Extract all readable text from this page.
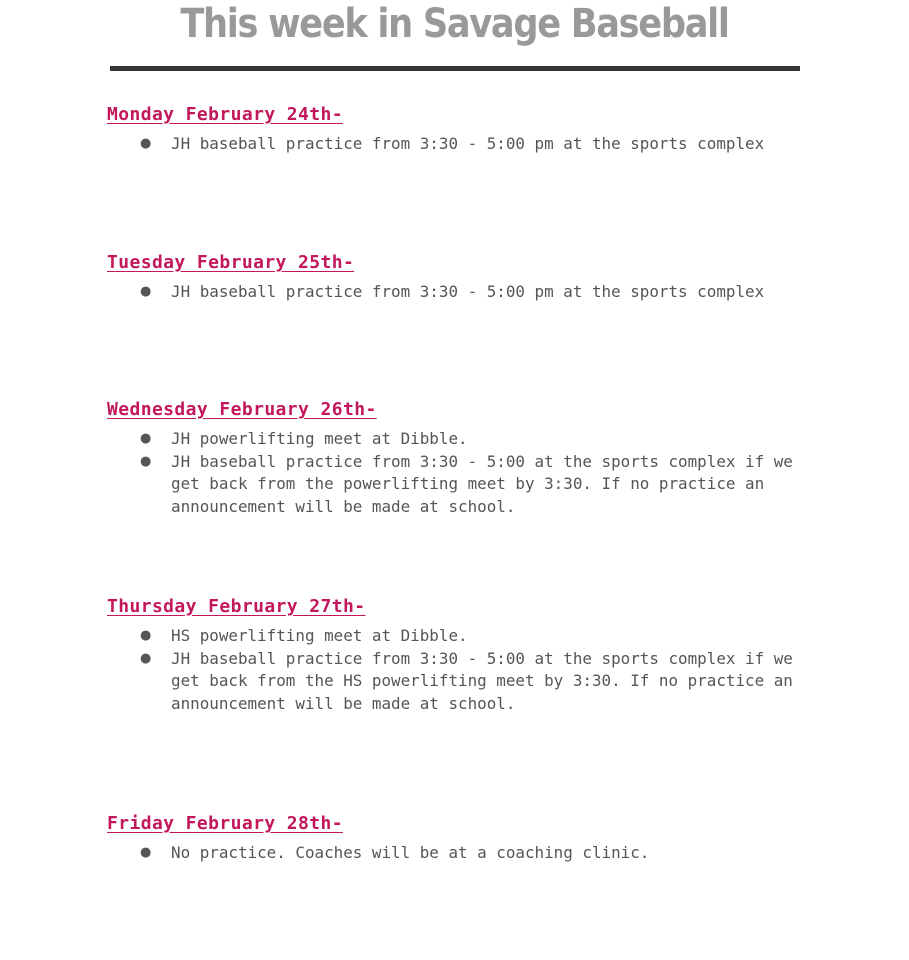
This week in Savage Baseball
Monday February 24th-
● JH baseball practice from 3:30 - 5:00 pm at the sports complex
Tuesday February 25th-
● JH baseball practice from 3:30 - 5:00 pm at the sports complex
Wednesday February 26th-
● JH powerlifting meet at Dibble.
● JH baseball practice from 3:30 - 5:00 at the sports complex if we
get back from the powerlifting meet by 3:30. If no practice an
announcement will be made at school.
Thursday February 27th-
● HS powerlifting meet at Dibble.
● JH baseball practice from 3:30 - 5:00 at the sports complex if we
get back from the HS powerlifting meet by 3:30. If no practice an
announcement will be made at school.
Friday February 28th-
● No practice. Coaches will be at a coaching clinic.
